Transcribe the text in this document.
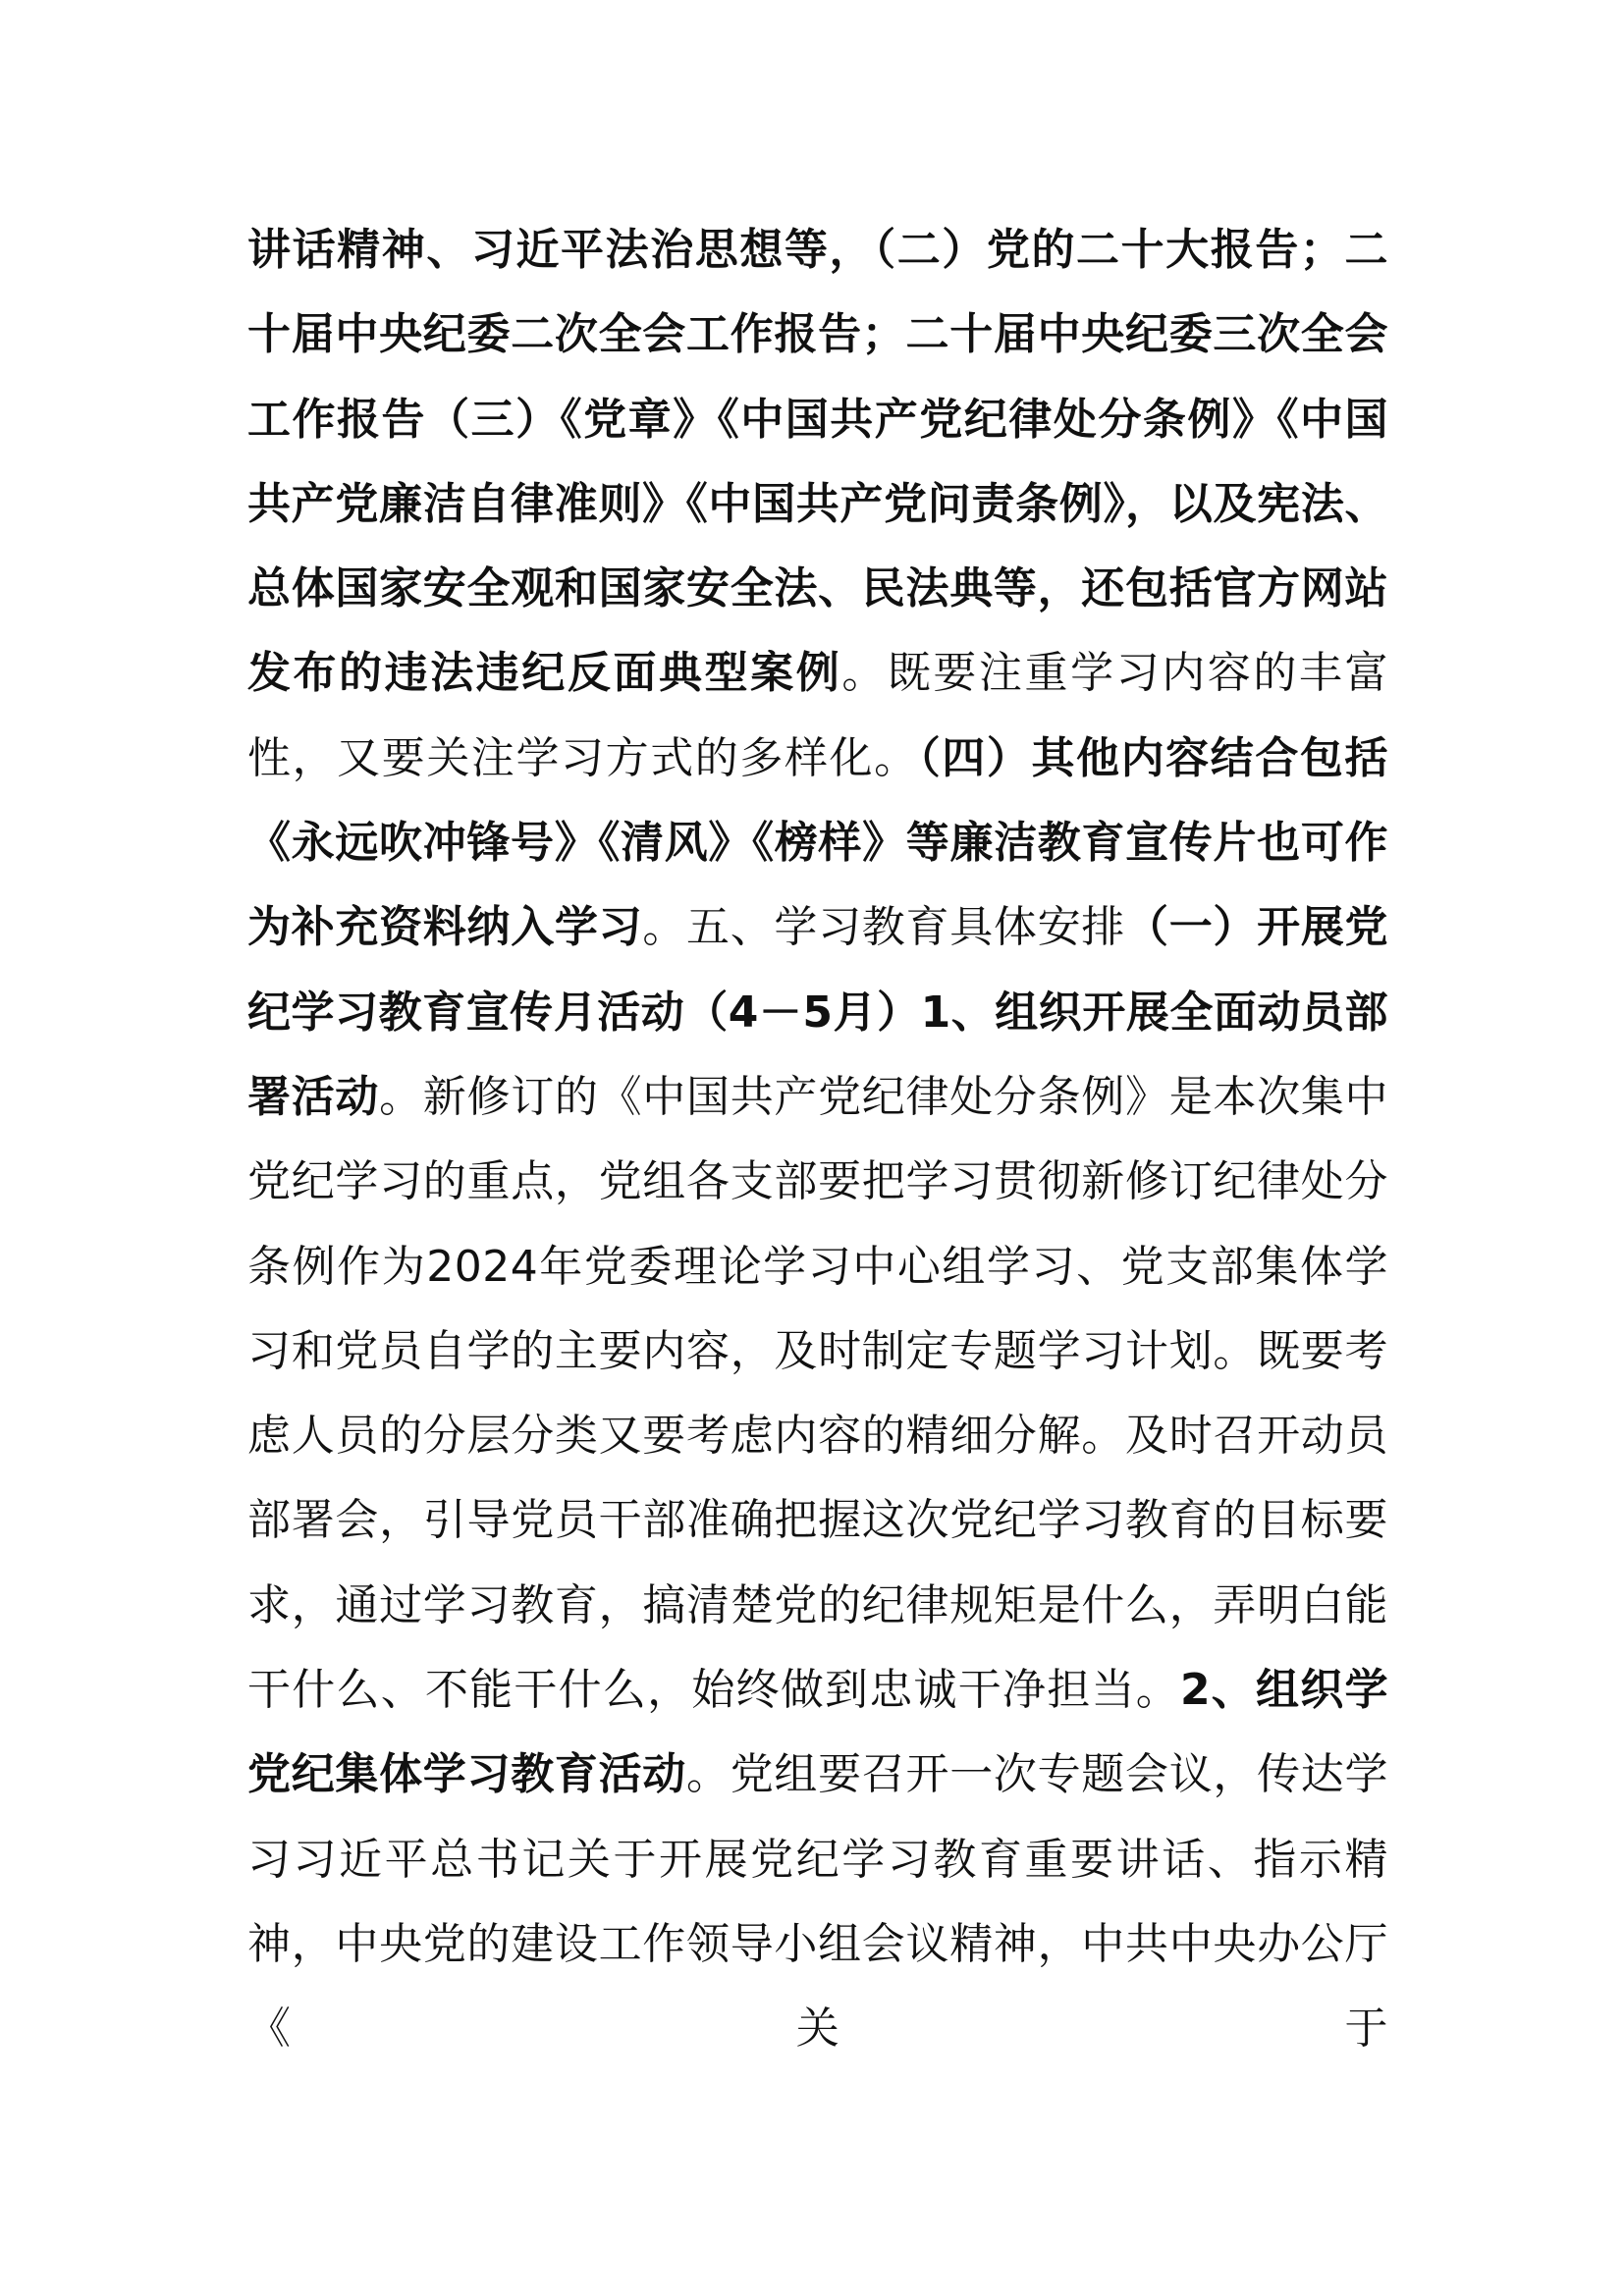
讲话精神、习近平法治思想等，（二）党的二十大报告；二十届中央纪委二次全会工作报告；二十届中央纪委三次全会工作报告（三）《党章》《中国共产党纪律处分条例》《中国共产党廉洁自律准则》《中国共产党问责条例》，以及宪法、总体国家安全观和国家安全法、民法典等，还包括官方网站发布的违法违纪反面典型案例。既要注重学习内容的丰富性，又要关注学习方式的多样化。（四）其他内容结合包括《永远吹冲锋号》《清风》《榜样》等廉洁教育宣传片也可作为补充资料纳入学习。五、学习教育具体安排（一）开展党纪学习教育宣传月活动（4－5月）1、组织开展全面动员部署活动。新修订的《中国共产党纪律处分条例》是本次集中党纪学习的重点，党组各支部要把学习贯彻新修订纪律处分条例作为2024年党委理论学习中心组学习、党支部集体学习和党员自学的主要内容，及时制定专题学习计划。既要考虑人员的分层分类又要考虑内容的精细分解。及时召开动员部署会，引导党员干部准确把握这次党纪学习教育的目标要求，通过学习教育，搞清楚党的纪律规矩是什么，弄明白能干什么、不能干什么，始终做到忠诚干净担当。2、组织学党纪集体学习教育活动。党组要召开一次专题会议，传达学习习近平总书记关于开展党纪学习教育重要讲话、指示精神，中央党的建设工作领导小组会议精神，中共中央办公厅《关于
